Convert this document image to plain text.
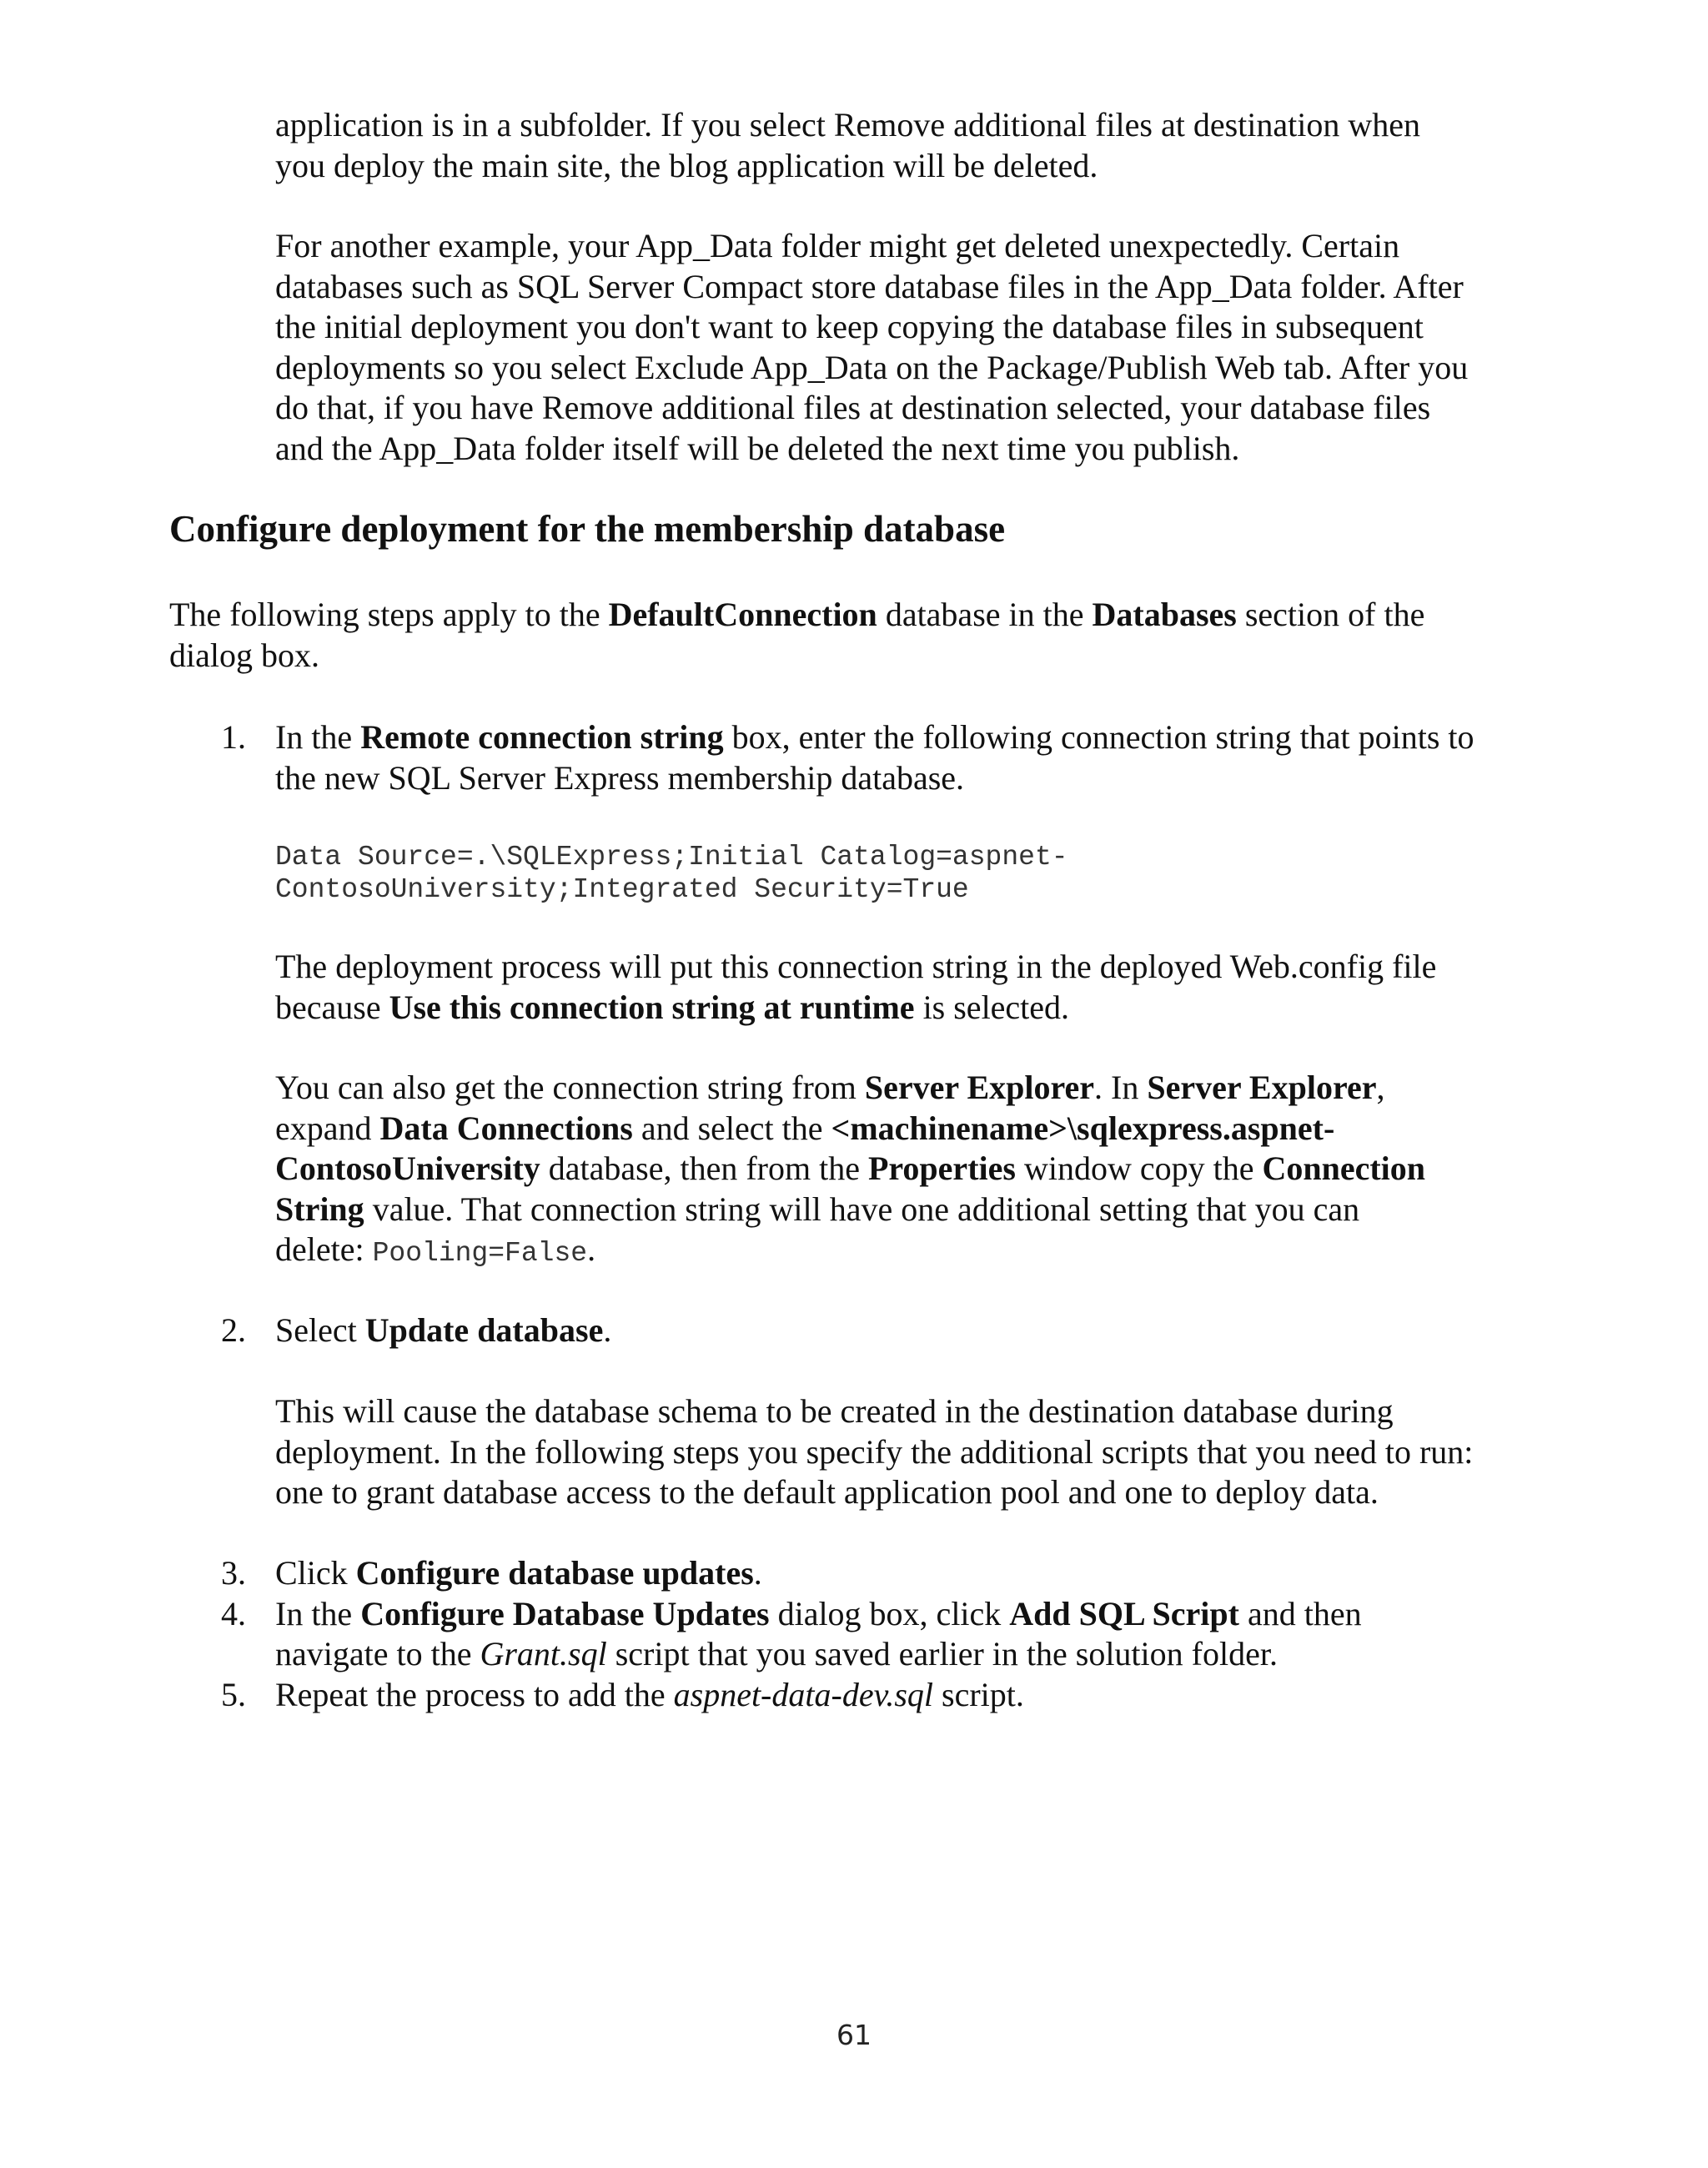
application is in a subfolder. If you select Remove additional files at destination when

you deploy the main site, the blog application will be deleted.

For another example, your App_Data folder might get deleted unexpectedly. Certain

databases such as SQL Server Compact store database files in the App_Data folder. After

the initial deployment you don't want to keep copying the database files in subsequent

deployments so you select Exclude App_Data on the Package/Publish Web tab. After you

do that, if you have Remove additional files at destination selected, your database files

and the App_Data folder itself will be deleted the next time you publish.

Configure deployment for the membership database

The following steps apply to the DefaultConnection database in the Databases section of the

dialog box.

1. In the Remote connection string box, enter the following connection string that points to

the new SQL Server Express membership database.

Data Source=.\SQLExpress;Initial Catalog=aspnet-

ContosoUniversity;Integrated Security=True

The deployment process will put this connection string in the deployed Web.config file

because Use this connection string at runtime is selected.

You can also get the connection string from Server Explorer. In Server Explorer,

expand Data Connections and select the <machinename>\sqlexpress.aspnet-

ContosoUniversity database, then from the Properties window copy the Connection

String value. That connection string will have one additional setting that you can

delete: Pooling=False.

2. Select Update database.

This will cause the database schema to be created in the destination database during

deployment. In the following steps you specify the additional scripts that you need to run:

one to grant database access to the default application pool and one to deploy data.

3. Click Configure database updates.

4. In the Configure Database Updates dialog box, click Add SQL Script and then

navigate to the Grant.sql script that you saved earlier in the solution folder.

5. Repeat the process to add the aspnet-data-dev.sql script.

61
